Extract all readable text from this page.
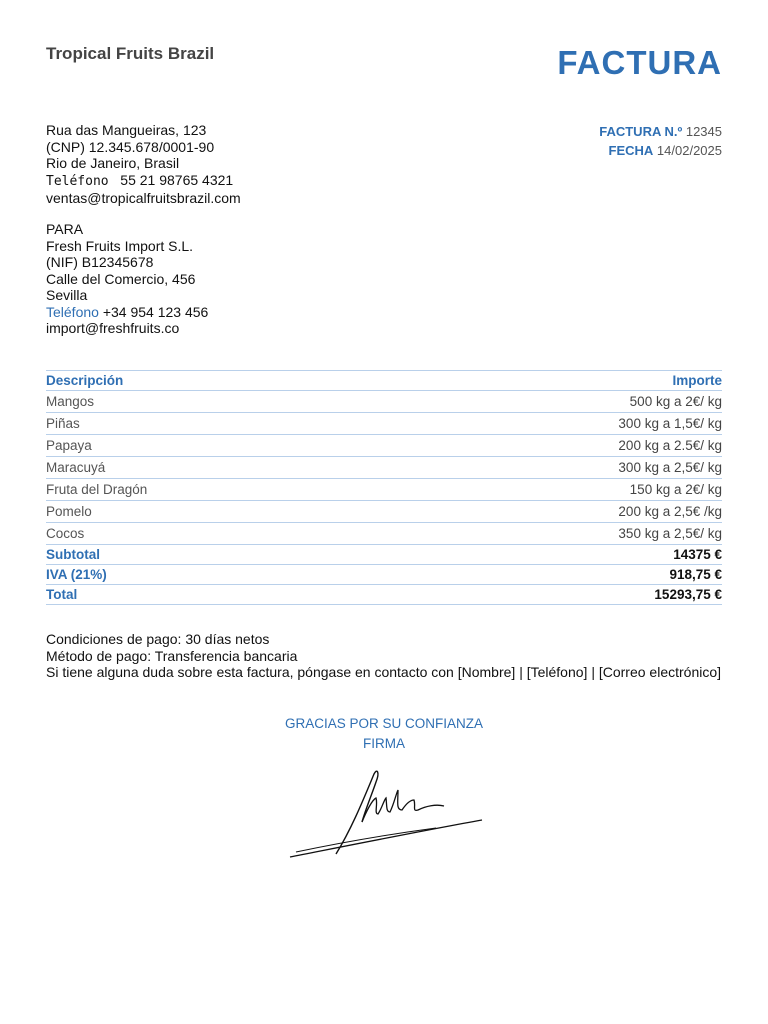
Tropical Fruits Brazil	FACTURA
Rua das Mangueiras, 123
(CNP) 12.345.678/0001-90
Rio de Janeiro, Brasil
Teléfono 55 21 98765 4321
ventas@tropicalfruitsbrazil.com
FACTURA N.º 12345
FECHA 14/02/2025
PARA
Fresh Fruits Import S.L.
(NIF) B12345678
Calle del Comercio, 456
Sevilla
Teléfono +34 954 123 456
import@freshfruits.co
Descripción	Importe
Mangos	500 kg a 2€/ kg
Piñas	300 kg a 1,5€/ kg
Papaya	200 kg a 2.5€/ kg
Maracuyá	300 kg a 2,5€/ kg
Fruta del Dragón	150 kg a 2€/ kg
Pomelo	200 kg a 2,5€ /kg
Cocos	350 kg a 2,5€/ kg
Subtotal	14375 €
IVA (21%)	918,75 €
Total	15293,75 €
Condiciones de pago: 30 días netos
Método de pago: Transferencia bancaria
Si tiene alguna duda sobre esta factura, póngase en contacto con [Nombre] | [Teléfono] | [Correo electrónico]
GRACIAS POR SU CONFIANZA
FIRMA
